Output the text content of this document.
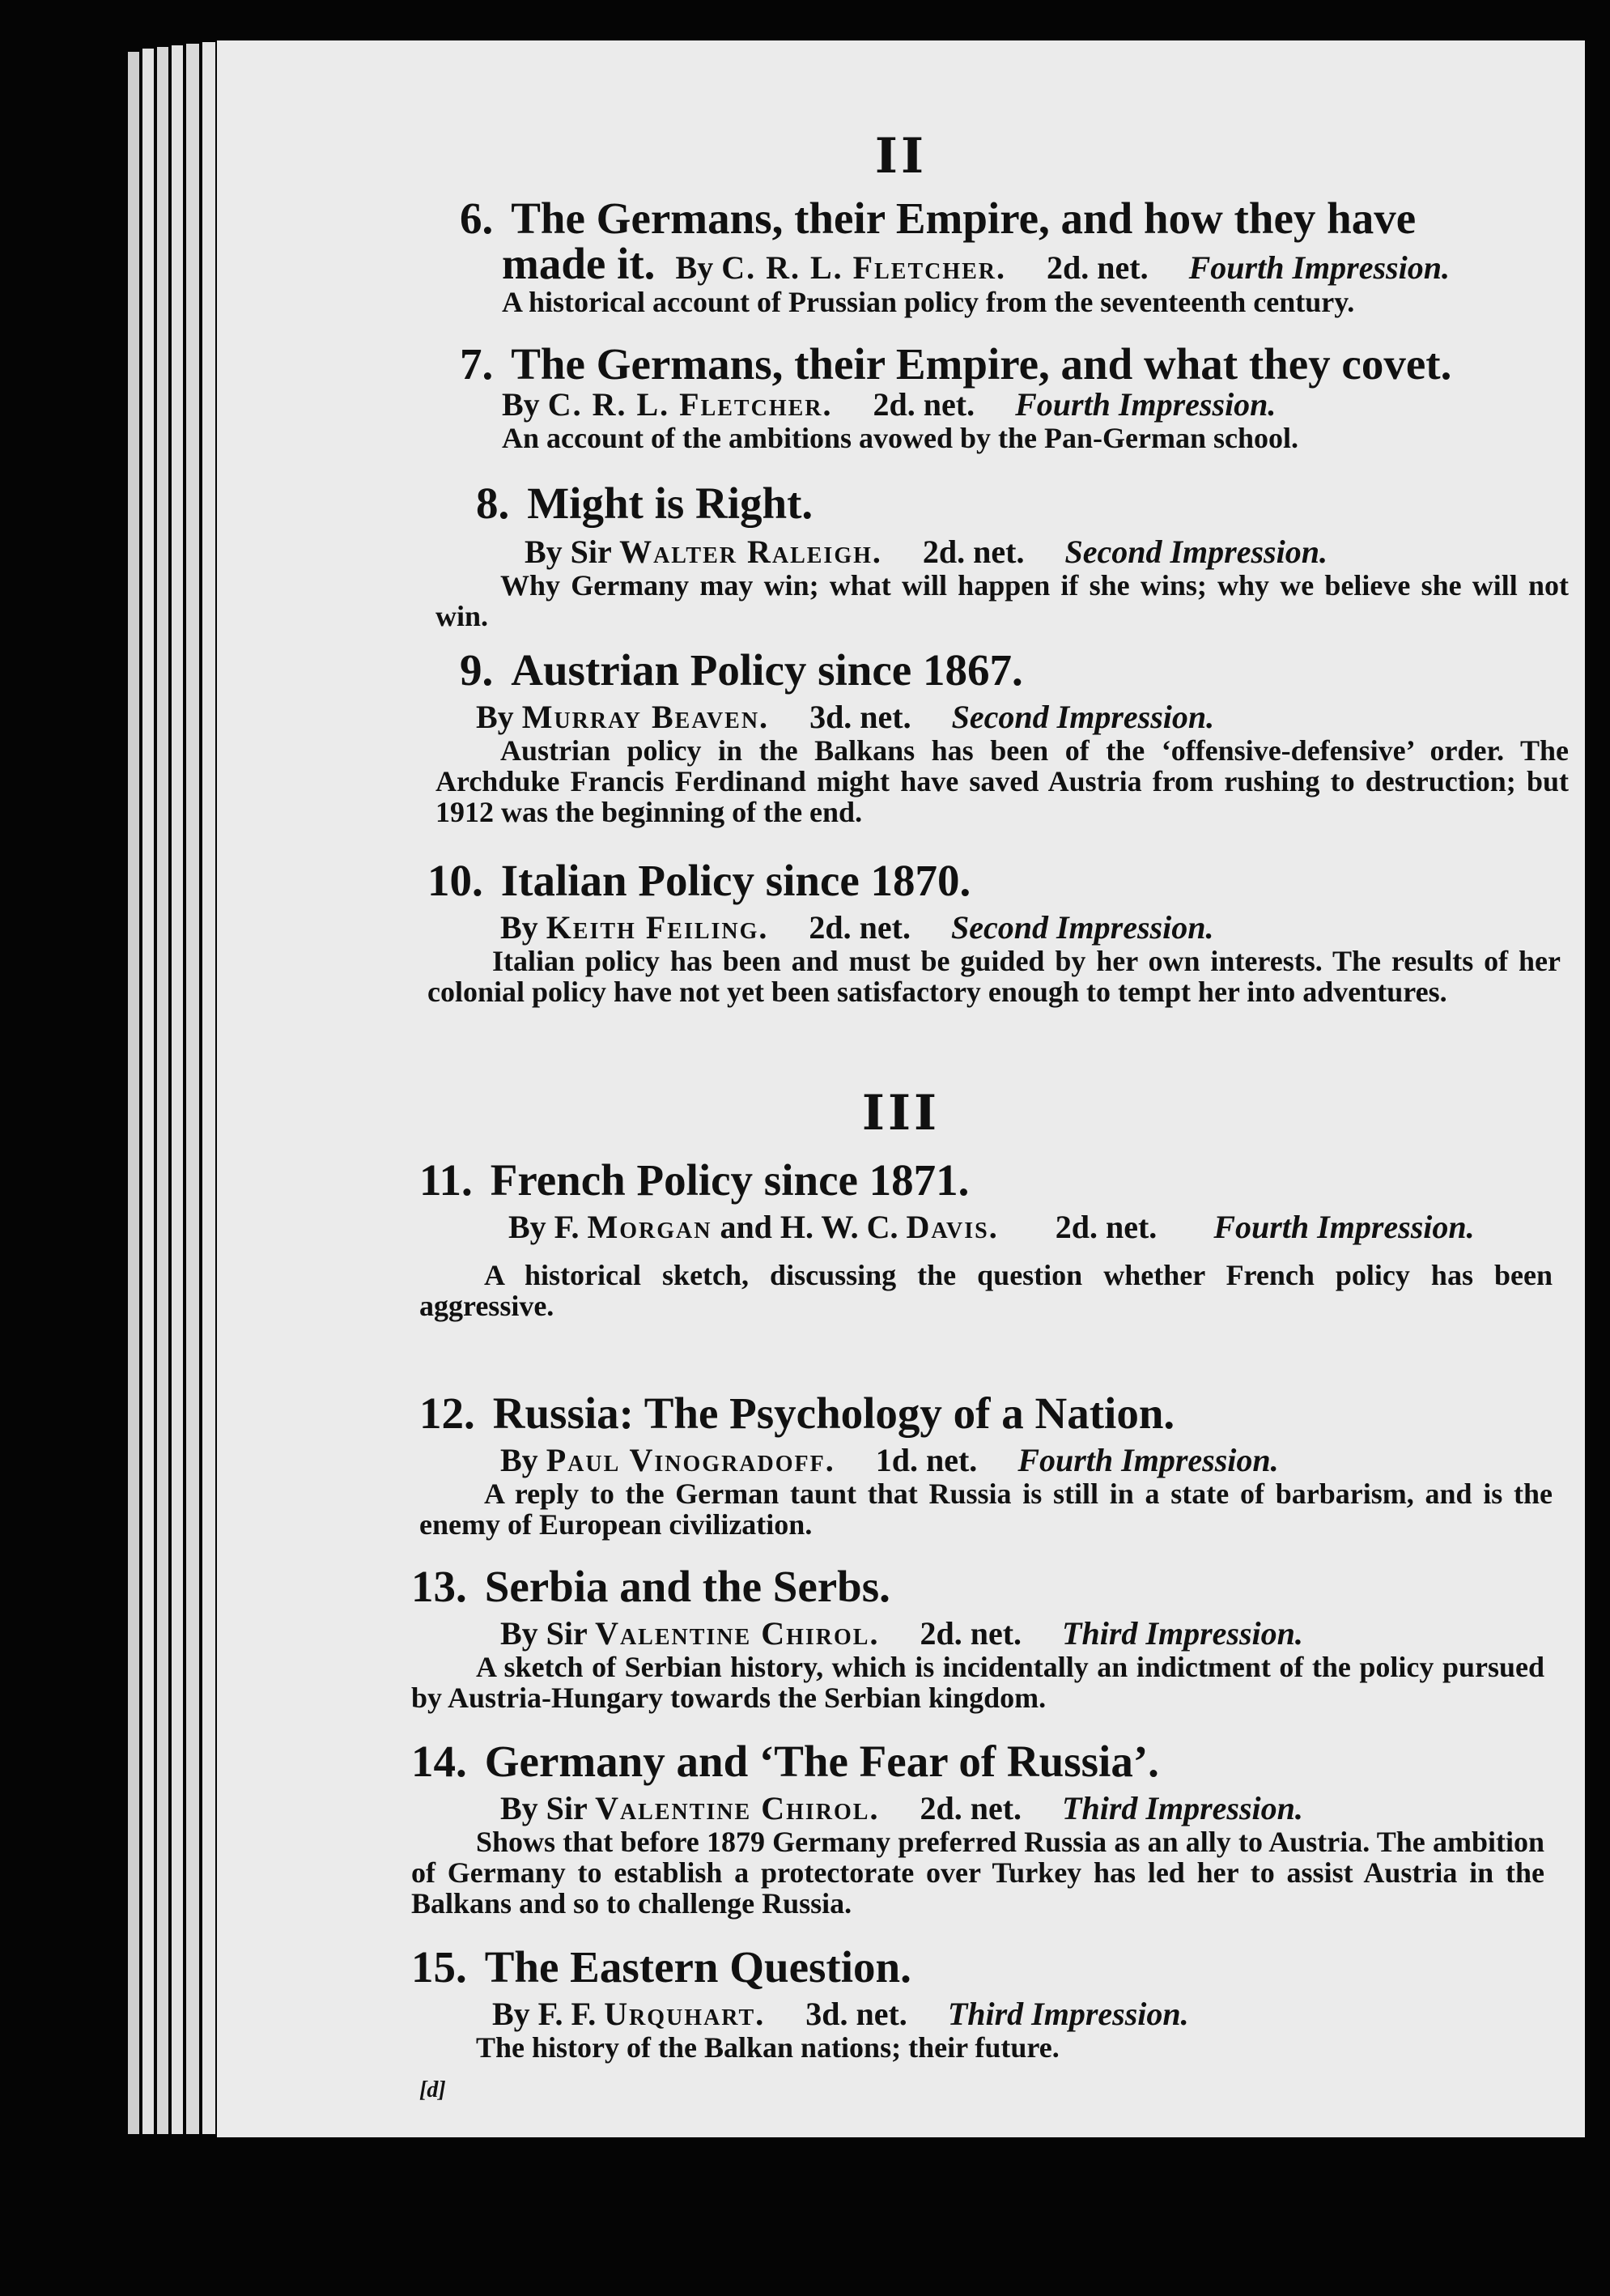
II
6. The Germans, their Empire, and how they have
made it. By C. R. L. Fletcher. 2d. net. Fourth Impression.
A historical account of Prussian policy from the seventeenth century.
7. The Germans, their Empire, and what they covet.
By C. R. L. Fletcher. 2d. net. Fourth Impression.
An account of the ambitions avowed by the Pan-German school.
8. Might is Right.
By Sir Walter Raleigh. 2d. net. Second Impression.
Why Germany may win; what will happen if she wins; why we believe she will not win.
9. Austrian Policy since 1867.
By Murray Beaven. 3d. net. Second Impression.
Austrian policy in the Balkans has been of the ‘offensive-defensive’ order. The Archduke Francis Ferdinand might have saved Austria from rushing to destruction; but 1912 was the beginning of the end.
10. Italian Policy since 1870.
By Keith Feiling. 2d. net. Second Impression.
Italian policy has been and must be guided by her own interests. The results of her colonial policy have not yet been satisfactory enough to tempt her into adventures.
III
11. French Policy since 1871.
By F. Morgan and H. W. C. Davis. 2d. net. Fourth Impression.
A historical sketch, discussing the question whether French policy has been aggressive.
12. Russia: The Psychology of a Nation.
By Paul Vinogradoff. 1d. net. Fourth Impression.
A reply to the German taunt that Russia is still in a state of barbarism, and is the enemy of European civilization.
13. Serbia and the Serbs.
By Sir Valentine Chirol. 2d. net. Third Impression.
A sketch of Serbian history, which is incidentally an indictment of the policy pursued by Austria-Hungary towards the Serbian kingdom.
14. Germany and ‘The Fear of Russia’.
By Sir Valentine Chirol. 2d. net. Third Impression.
Shows that before 1879 Germany preferred Russia as an ally to Austria. The ambition of Germany to establish a protectorate over Turkey has led her to assist Austria in the Balkans and so to challenge Russia.
15. The Eastern Question.
By F. F. Urquhart. 3d. net. Third Impression.
The history of the Balkan nations; their future.
[d]
